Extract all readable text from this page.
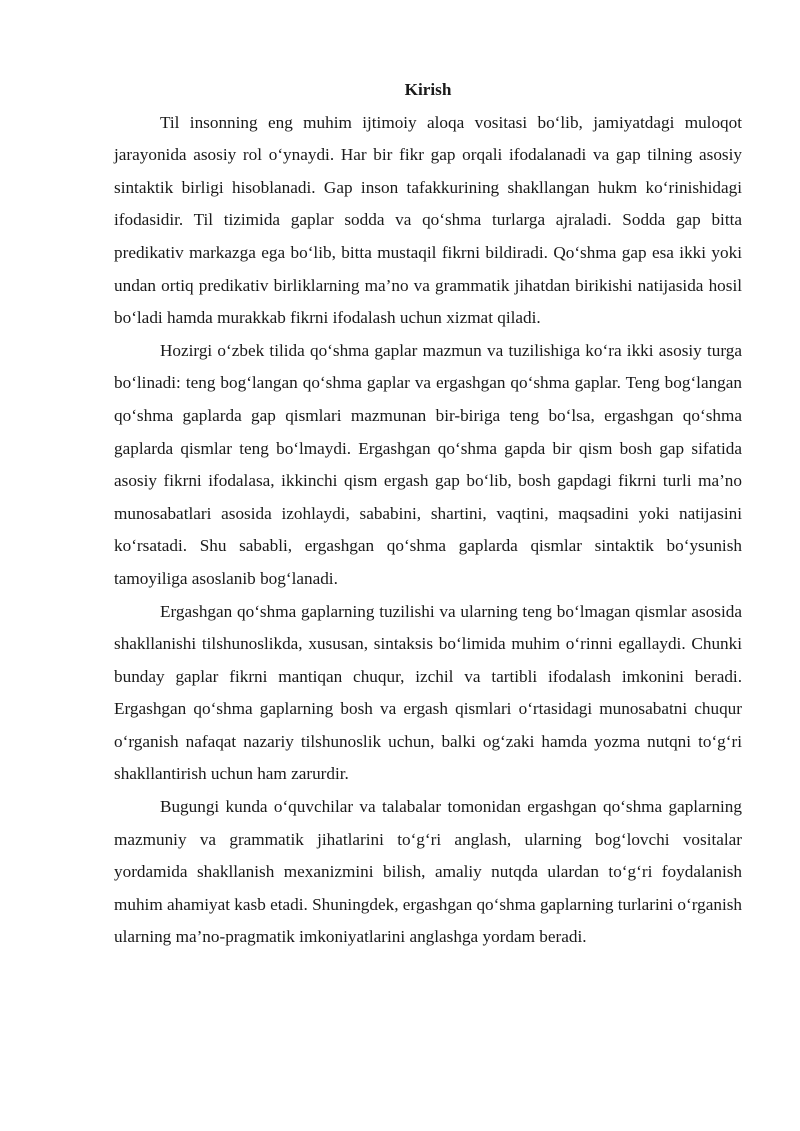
Kirish

Til insonning eng muhim ijtimoiy aloqa vositasi bo‘lib, jamiyatdagi muloqot jarayonida asosiy rol o‘ynaydi. Har bir fikr gap orqali ifodalanadi va gap tilning asosiy sintaktik birligi hisoblanadi. Gap inson tafakkurining shakllangan hukm ko‘rinishidagi ifodasidir. Til tizimida gaplar sodda va qo‘shma turlarga ajraladi. Sodda gap bitta predikativ markazga ega bo‘lib, bitta mustaqil fikrni bildiradi. Qo‘shma gap esa ikki yoki undan ortiq predikativ birliklarning ma’no va grammatik jihatdan birikishi natijasida hosil bo‘ladi hamda murakkab fikrni ifodalash uchun xizmat qiladi.

Hozirgi o‘zbek tilida qo‘shma gaplar mazmun va tuzilishiga ko‘ra ikki asosiy turga bo‘linadi: teng bog‘langan qo‘shma gaplar va ergashgan qo‘shma gaplar. Teng bog‘langan qo‘shma gaplarda gap qismlari mazmunan bir-biriga teng bo‘lsa, ergashgan qo‘shma gaplarda qismlar teng bo‘lmaydi. Ergashgan qo‘shma gapda bir qism bosh gap sifatida asosiy fikrni ifodalasa, ikkinchi qism ergash gap bo‘lib, bosh gapdagi fikrni turli ma’no munosabatlari asosida izohlaydi, sababini, shartini, vaqtini, maqsadini yoki natijasini ko‘rsatadi. Shu sababli, ergashgan qo‘shma gaplarda qismlar sintaktik bo‘ysunish tamoyiliga asoslanib bog‘lanadi.

Ergashgan qo‘shma gaplarning tuzilishi va ularning teng bo‘lmagan qismlar asosida shakllanishi tilshunoslikda, xususan, sintaksis bo‘limida muhim o‘rinni egallaydi. Chunki bunday gaplar fikrni mantiqan chuqur, izchil va tartibli ifodalash imkonini beradi. Ergashgan qo‘shma gaplarning bosh va ergash qismlari o‘rtasidagi munosabatni chuqur o‘rganish nafaqat nazariy tilshunoslik uchun, balki og‘zaki hamda yozma nutqni to‘g‘ri shakllantirish uchun ham zarurdir.

Bugungi kunda o‘quvchilar va talabalar tomonidan ergashgan qo‘shma gaplarning mazmuniy va grammatik jihatlarini to‘g‘ri anglash, ularning bog‘lovchi vositalar yordamida shakllanish mexanizmini bilish, amaliy nutqda ulardan to‘g‘ri foydalanish muhim ahamiyat kasb etadi. Shuningdek, ergashgan qo‘shma gaplarning turlarini o‘rganish ularning ma’no-pragmatik imkoniyatlarini anglashga yordam beradi.
